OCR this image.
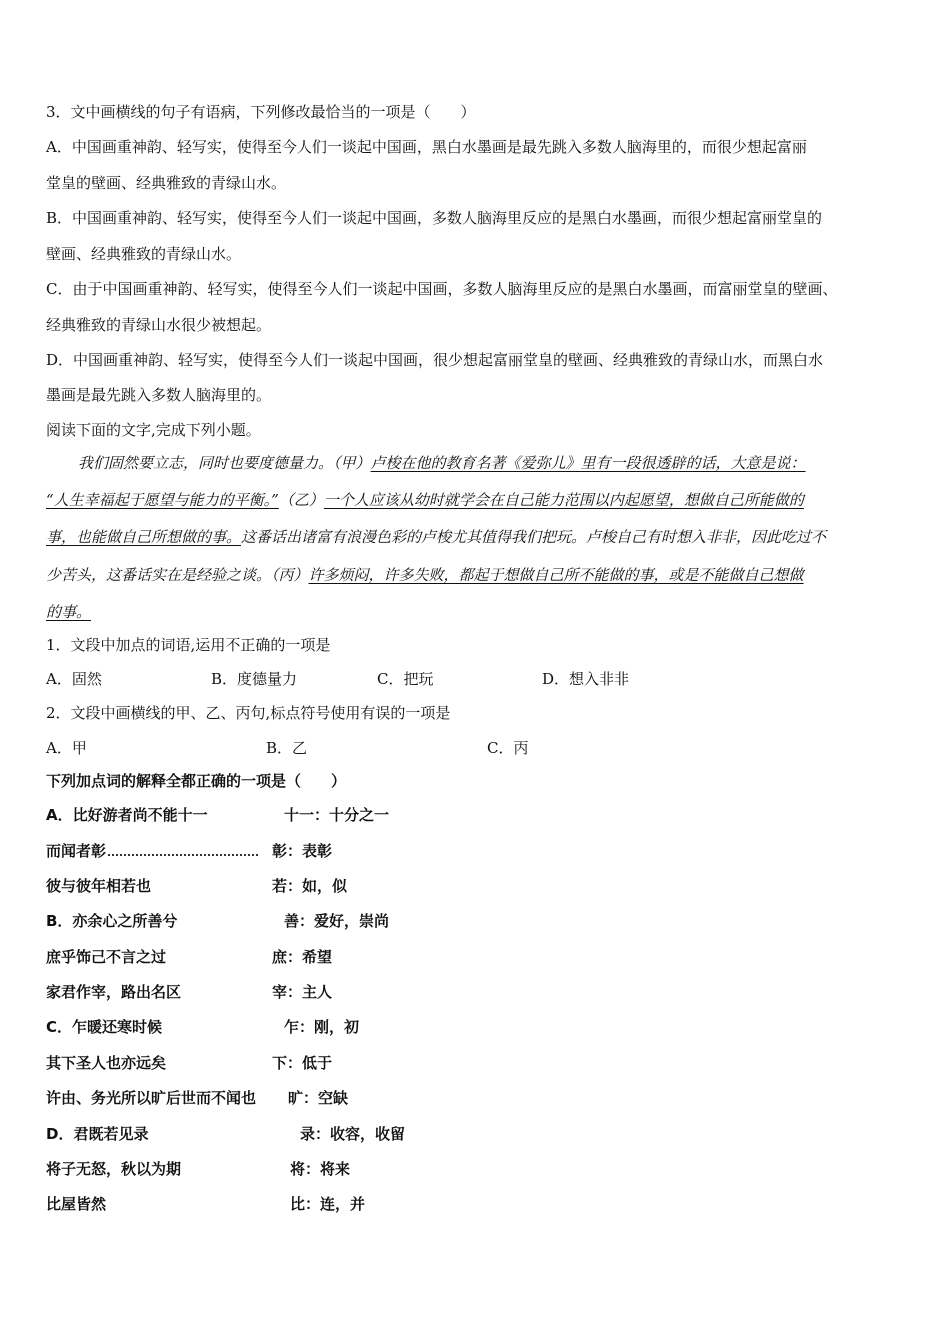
3．文中画横线的句子有语病，下列修改最恰当的一项是（　　）
A．中国画重神韵、轻写实，使得至今人们一谈起中国画，黑白水墨画是最先跳入多数人脑海里的，而很少想起富丽
堂皇的壁画、经典雅致的青绿山水。
B．中国画重神韵、轻写实，使得至今人们一谈起中国画，多数人脑海里反应的是黑白水墨画，而很少想起富丽堂皇的
壁画、经典雅致的青绿山水。
C．由于中国画重神韵、轻写实，使得至今人们一谈起中国画，多数人脑海里反应的是黑白水墨画，而富丽堂皇的壁画、
经典雅致的青绿山水很少被想起。
D．中国画重神韵、轻写实，使得至今人们一谈起中国画，很少想起富丽堂皇的壁画、经典雅致的青绿山水，而黑白水
墨画是最先跳入多数人脑海里的。
阅读下面的文字,完成下列小题。
我们固然要立志，同时也要度德量力。（甲）卢梭在他的教育名著《爱弥儿》里有一段很透辟的话，大意是说：
“人生幸福起于愿望与能力的平衡。”（乙）一个人应该从幼时就学会在自己能力范围以内起愿望，想做自己所能做的
事，也能做自己所想做的事。这番话出诸富有浪漫色彩的卢梭尤其值得我们把玩。卢梭自己有时想入非非，因此吃过不
少苦头，这番话实在是经验之谈。（丙）许多烦闷，许多失败，都起于想做自己所不能做的事，或是不能做自己想做
的事。
1．文段中加点的词语,运用不正确的一项是
A．固然	B．度德量力	C．把玩	D．想入非非
2．文段中画横线的甲、乙、丙句,标点符号使用有误的一项是
A．甲	B．乙	C．丙
下列加点词的解释全都正确的一项是（　　）
A．比好游者尚不能十一	十一：十分之一
而闻者彰	彰：表彰
彼与彼年相若也	若：如，似
B．亦余心之所善兮	善：爱好，崇尚
庶乎饰己不言之过	庶：希望
家君作宰，路出名区	宰：主人
C．乍暖还寒时候	乍：刚，初
其下圣人也亦远矣	下：低于
许由、务光所以旷后世而不闻也 旷：空缺
D．君既若见录	录：收容，收留
将子无怒，秋以为期	将：将来
比屋皆然	比：连，并
